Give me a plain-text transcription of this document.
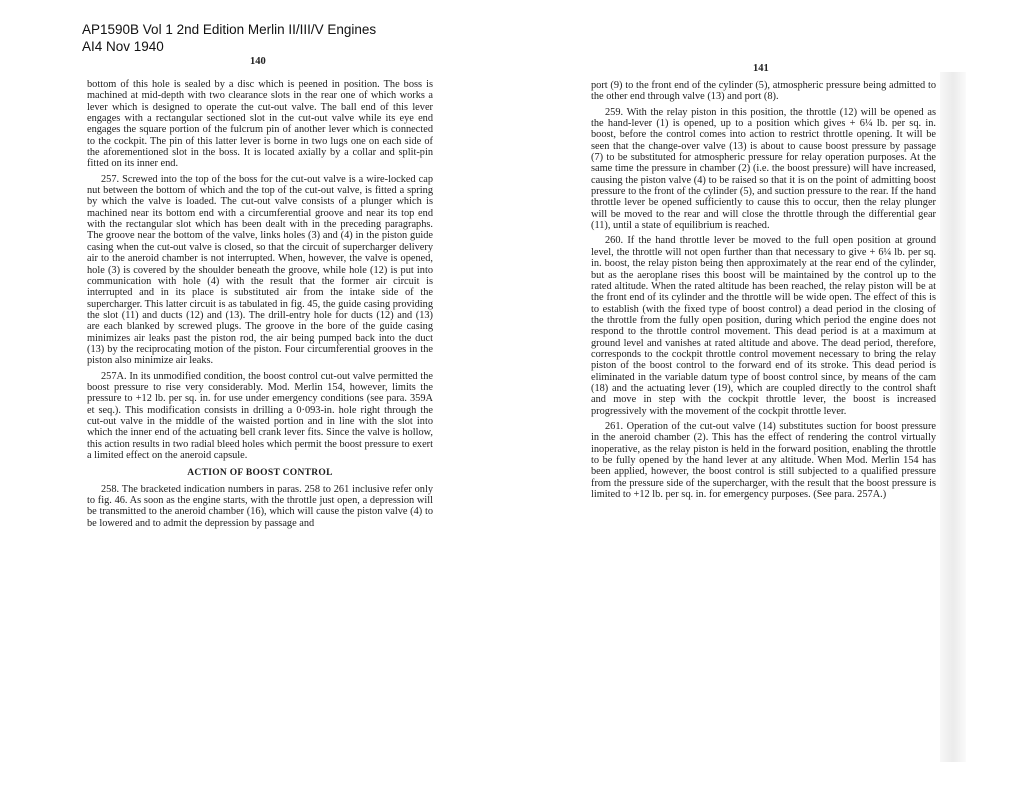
AP1590B Vol 1 2nd Edition Merlin II/III/V Engines
AI4 Nov 1940
140

bottom of this hole is sealed by a disc which is peened in position. The boss is machined at mid-depth with two clearance slots in the rear one of which works a lever which is designed to operate the cut-out valve. The ball end of this lever engages with a rectangular sectioned slot in the cut-out valve while its eye end engages the square portion of the fulcrum pin of another lever which is connected to the cockpit. The pin of this latter lever is borne in two lugs one on each side of the aforementioned slot in the boss. It is located axially by a collar and split-pin fitted on its inner end.

257. Screwed into the top of the boss for the cut-out valve is a wire-locked cap nut between the bottom of which and the top of the cut-out valve, is fitted a spring by which the valve is loaded. The cut-out valve consists of a plunger which is machined near its bottom end with a circumferential groove and near its top end with the rectangular slot which has been dealt with in the preceding paragraphs. The groove near the bottom of the valve, links holes (3) and (4) in the piston guide casing when the cut-out valve is closed, so that the circuit of supercharger delivery air to the aneroid chamber is not interrupted. When, however, the valve is opened, hole (3) is covered by the shoulder beneath the groove, while hole (12) is put into communication with hole (4) with the result that the former air circuit is interrupted and in its place is substituted air from the intake side of the supercharger. This latter circuit is as tabulated in fig. 45, the guide casing providing the slot (11) and ducts (12) and (13). The drill-entry hole for ducts (12) and (13) are each blanked by screwed plugs. The groove in the bore of the guide casing minimizes air leaks past the piston rod, the air being pumped back into the duct (13) by the reciprocating motion of the piston. Four circumferential grooves in the piston also minimize air leaks.

257A. In its unmodified condition, the boost control cut-out valve permitted the boost pressure to rise very considerably. Mod. Merlin 154, however, limits the pressure to +12 lb. per sq. in. for use under emergency conditions (see para. 359A et seq.). This modification consists in drilling a 0·093-in. hole right through the cut-out valve in the middle of the waisted portion and in line with the slot into which the inner end of the actuating bell crank lever fits. Since the valve is hollow, this action results in two radial bleed holes which permit the boost pressure to exert a limited effect on the aneroid capsule.

ACTION OF BOOST CONTROL

258. The bracketed indication numbers in paras. 258 to 261 inclusive refer only to fig. 46. As soon as the engine starts, with the throttle just open, a depression will be transmitted to the aneroid chamber (16), which will cause the piston valve (4) to be lowered and to admit the depression by passage and

141

port (9) to the front end of the cylinder (5), atmospheric pressure being admitted to the other end through valve (13) and port (8).

259. With the relay piston in this position, the throttle (12) will be opened as the hand-lever (1) is opened, up to a position which gives + 6¼ lb. per sq. in. boost, before the control comes into action to restrict throttle opening. It will be seen that the change-over valve (13) is about to cause boost pressure by passage (7) to be substituted for atmospheric pressure for relay operation purposes. At the same time the pressure in chamber (2) (i.e. the boost pressure) will have increased, causing the piston valve (4) to be raised so that it is on the point of admitting boost pressure to the front of the cylinder (5), and suction pressure to the rear. If the hand throttle lever be opened sufficiently to cause this to occur, then the relay plunger will be moved to the rear and will close the throttle through the differential gear (11), until a state of equilibrium is reached.

260. If the hand throttle lever be moved to the full open position at ground level, the throttle will not open further than that necessary to give + 6¼ lb. per sq. in. boost, the relay piston being then approximately at the rear end of the cylinder, but as the aeroplane rises this boost will be maintained by the control up to the rated altitude. When the rated altitude has been reached, the relay piston will be at the front end of its cylinder and the throttle will be wide open. The effect of this is to establish (with the fixed type of boost control) a dead period in the closing of the throttle from the fully open position, during which period the engine does not respond to the throttle control movement. This dead period is at a maximum at ground level and vanishes at rated altitude and above. The dead period, therefore, corresponds to the cockpit throttle control movement necessary to bring the relay piston of the boost control to the forward end of its stroke. This dead period is eliminated in the variable datum type of boost control since, by means of the cam (18) and the actuating lever (19), which are coupled directly to the control shaft and move in step with the cockpit throttle lever, the boost is increased progressively with the movement of the cockpit throttle lever.

261. Operation of the cut-out valve (14) substitutes suction for boost pressure in the aneroid chamber (2). This has the effect of rendering the control virtually inoperative, as the relay piston is held in the forward position, enabling the throttle to be fully opened by the hand lever at any altitude. When Mod. Merlin 154 has been applied, however, the boost control is still subjected to a qualified pressure from the pressure side of the supercharger, with the result that the boost pressure is limited to +12 lb. per sq. in. for emergency purposes. (See para. 257A.)
